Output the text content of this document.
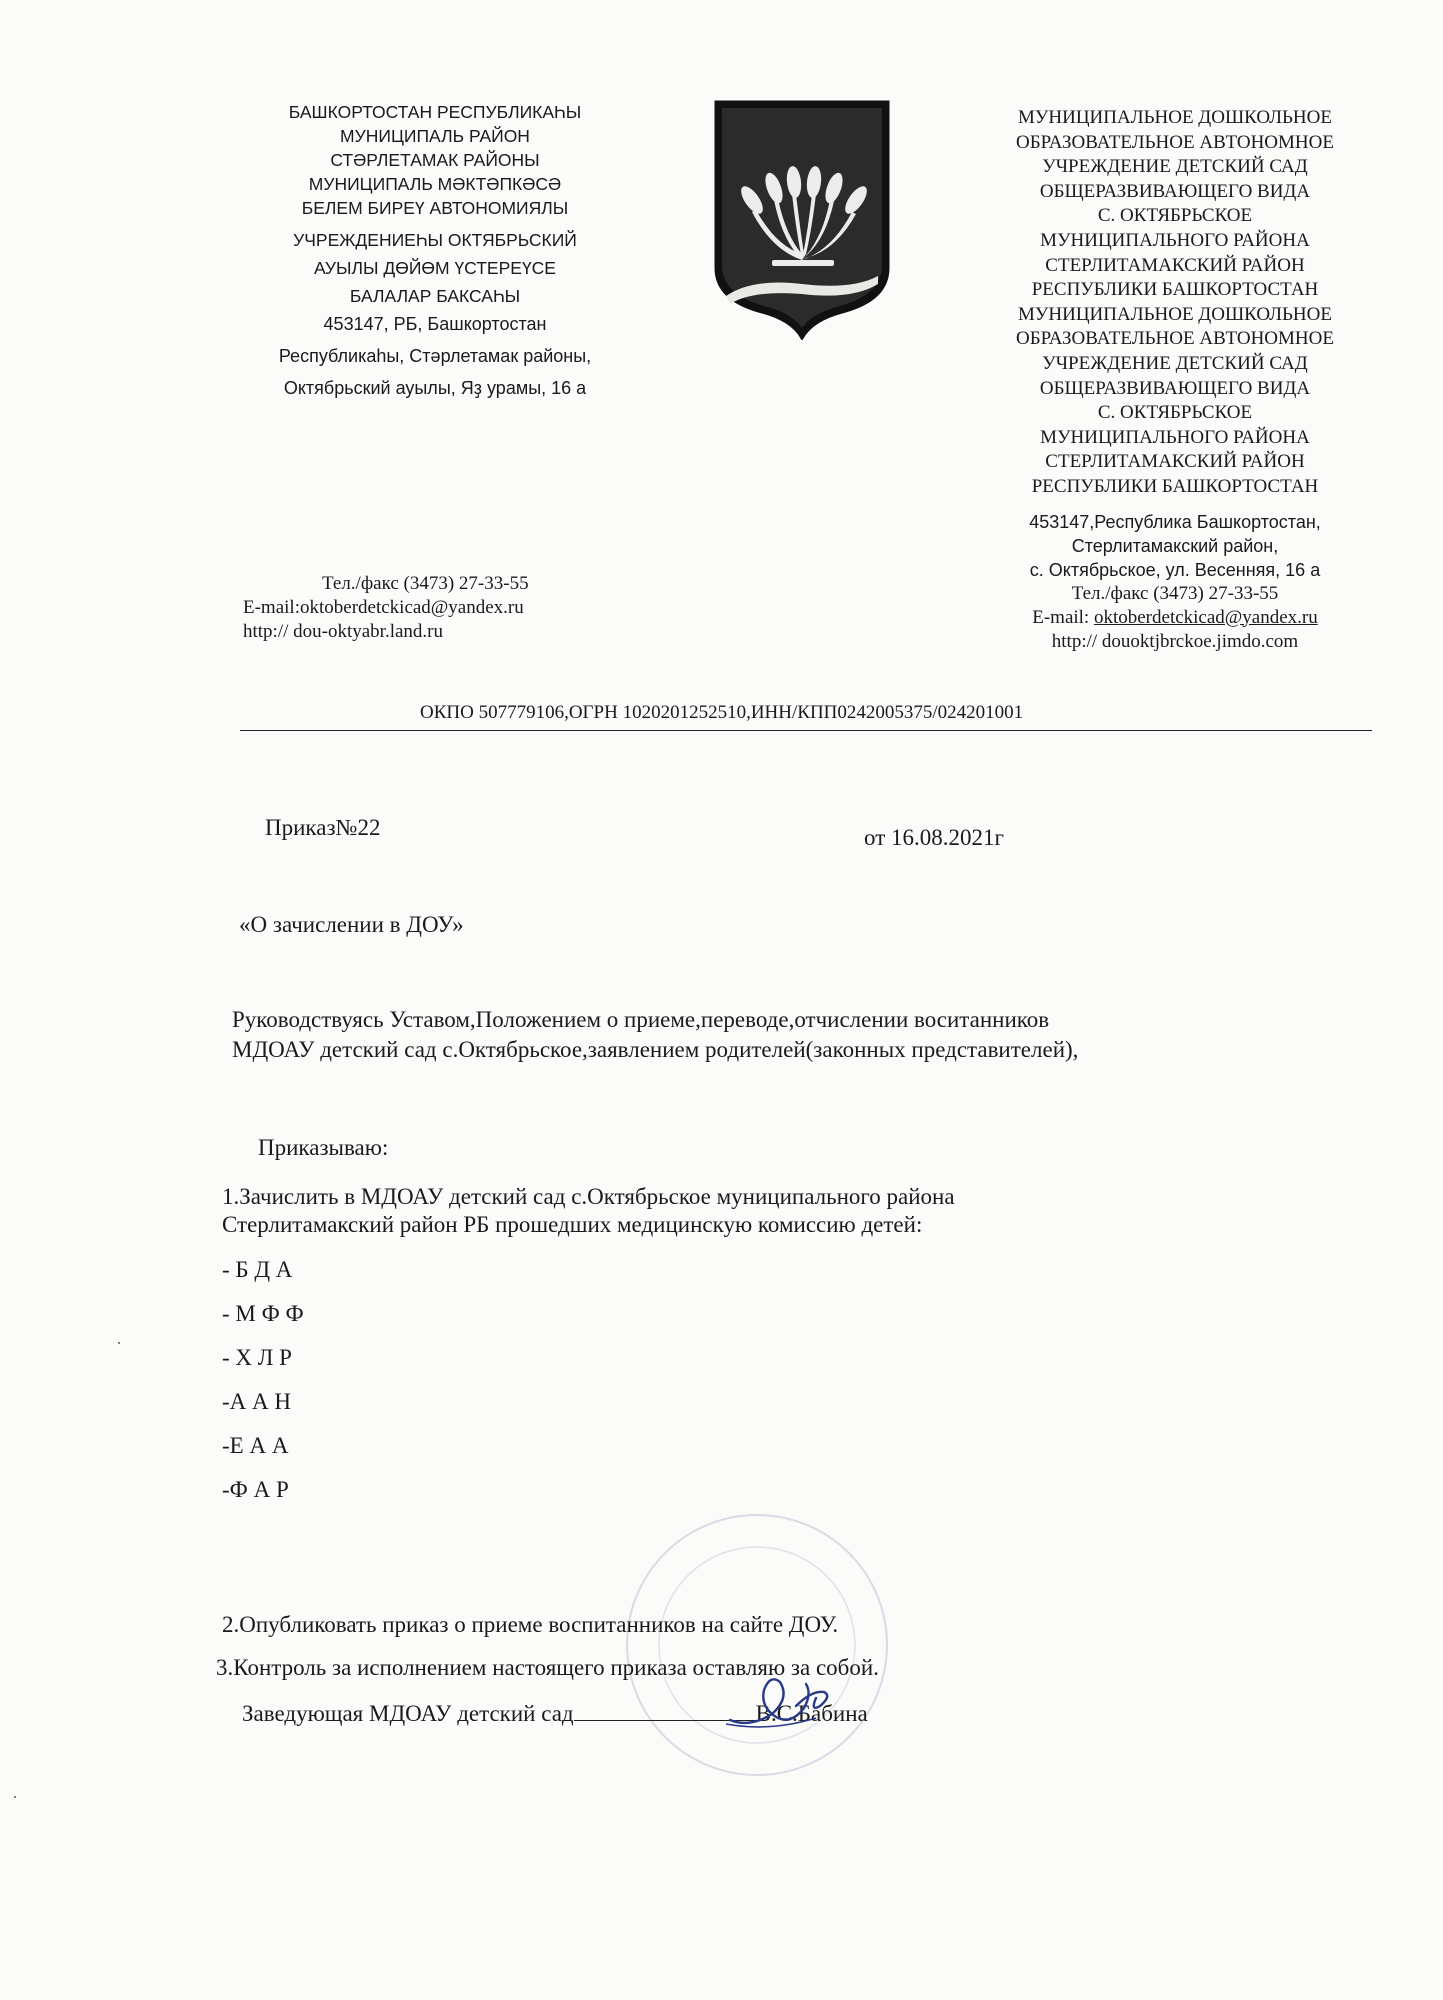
БАШКОРТОСТАН РЕСПУБЛИКАҺЫ
МУНИЦИПАЛЬ РАЙОН
СТӘРЛЕТАМАК РАЙОНЫ
МУНИЦИПАЛЬ МӘКТӘПКӘСӘ
БЕЛЕМ БИРЕҮ АВТОНОМИЯЛЫ
УЧРЕЖДЕНИЕҺЫ ОКТЯБРЬСКИЙ
АУЫЛЫ ДӨЙӨМ ҮСТЕРЕҮСЕ
БАЛАЛАР БАКСАҺЫ
453147, РБ, Башкортостан
Республикаһы, Стәрлетамак районы,
Октябрьский ауылы, Яҙ урамы, 16 а
МУНИЦИПАЛЬНОЕ ДОШКОЛЬНОЕ
ОБРАЗОВАТЕЛЬНОЕ АВТОНОМНОЕ
УЧРЕЖДЕНИЕ ДЕТСКИЙ САД
ОБЩЕРАЗВИВАЮЩЕГО ВИДА
С. ОКТЯБРЬСКОЕ
МУНИЦИПАЛЬНОГО РАЙОНА
СТЕРЛИТАМАКСКИЙ РАЙОН
РЕСПУБЛИКИ БАШКОРТОСТАН
МУНИЦИПАЛЬНОЕ ДОШКОЛЬНОЕ
ОБРАЗОВАТЕЛЬНОЕ АВТОНОМНОЕ
УЧРЕЖДЕНИЕ ДЕТСКИЙ САД
ОБЩЕРАЗВИВАЮЩЕГО ВИДА
С. ОКТЯБРЬСКОЕ
МУНИЦИПАЛЬНОГО РАЙОНА
СТЕРЛИТАМАКСКИЙ РАЙОН
РЕСПУБЛИКИ БАШКОРТОСТАН
453147,Республика Башкортостан,
Стерлитамакский район,
с. Октябрьское, ул. Весенняя, 16 а
Тел./факс (3473) 27-33-55
E-mail: oktoberdetckicad@yandex.ru
http:// douoktjbrckoe.jimdo.com
Тел./факс (3473) 27-33-55
E-mail:oktoberdetckicad@yandex.ru
http:// dou-oktyabr.land.ru
ОКПО 507779106,ОГРН 1020201252510,ИНН/КПП0242005375/024201001
Приказ№22	от 16.08.2021г
«О зачислении в ДОУ»
Руководствуясь Уставом,Положением о приеме,переводе,отчислении воситанников
МДОАУ детский сад с.Октябрьское,заявлением родителей(законных представителей),
Приказываю:
1.Зачислить в МДОАУ детский сад с.Октябрьское муниципального района
Стерлитамакский район РБ прошедших медицинскую комиссию детей:
- Б Д А
- М Ф Ф
- Х Л Р
-А А Н
-Е А А
-Ф А Р
2.Опубликовать приказ о приеме воспитанников на сайте ДОУ.
3.Контроль за исполнением настоящего приказа оставляю за собой.
Заведующая МДОАУ детский сад	В.С.Бабина
